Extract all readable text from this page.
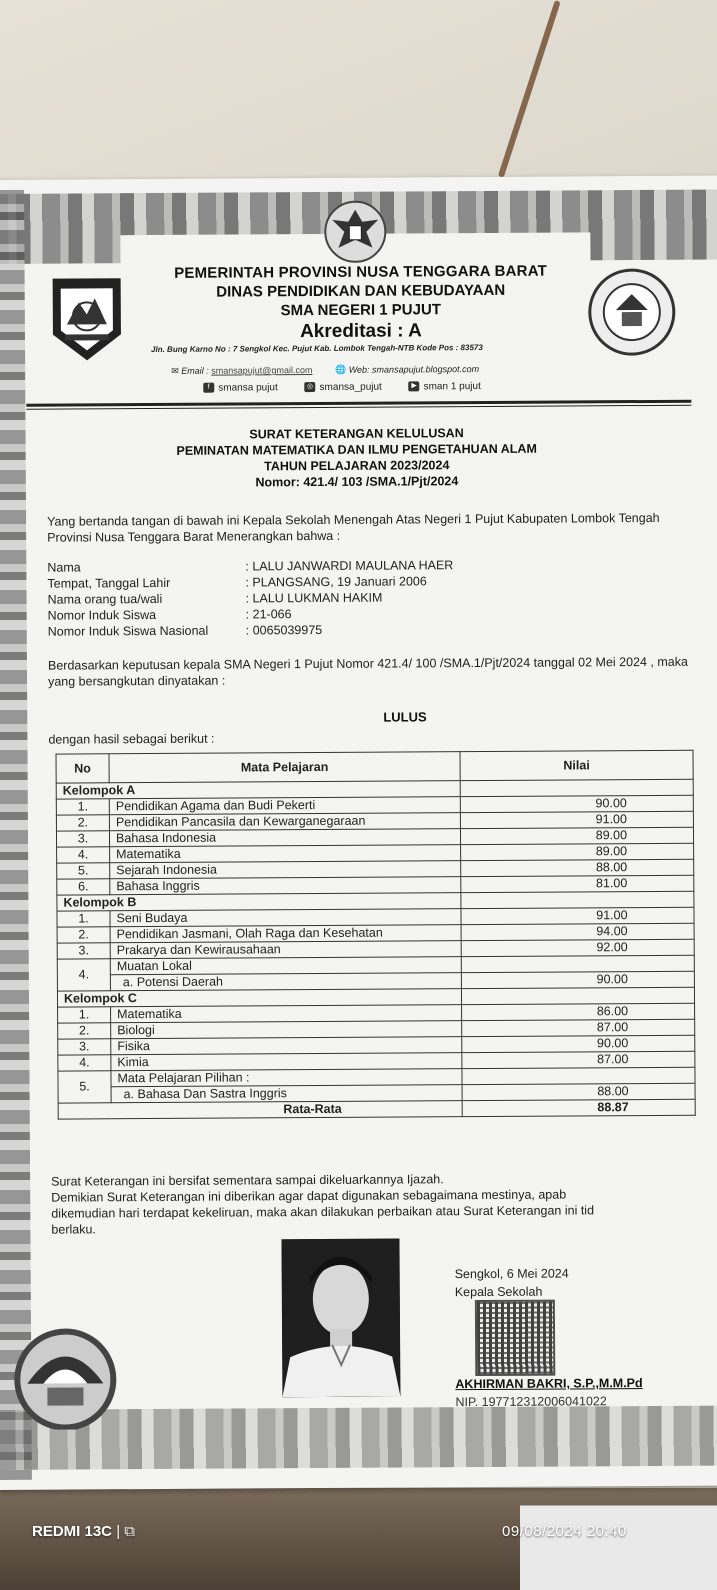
PEMERINTAH PROVINSI NUSA TENGGARA BARAT
DINAS PENDIDIKAN DAN KEBUDAYAAN
SMA NEGERI 1 PUJUT
Akreditasi : A
Jln. Bung Karno No : 7 Sengkol Kec. Pujut Kab. Lombok Tengah-NTB Kode Pos : 83573
✉ Email : smansapujut@gmail.com 🌐 Web: smansapujut.blogspot.com
f smansa pujut	◎ smansa_pujut	▶ sman 1 pujut
SURAT KETERANGAN KELULUSAN
PEMINATAN MATEMATIKA DAN ILMU PENGETAHUAN ALAM
TAHUN PELAJARAN 2023/2024
Nomor: 421.4/ 103 /SMA.1/Pjt/2024
Yang bertanda tangan di bawah ini Kepala Sekolah Menengah Atas Negeri 1 Pujut Kabupaten Lombok Tengah Provinsi Nusa Tenggara Barat Menerangkan bahwa :
Nama	: LALU JANWARDI MAULANA HAER
Tempat, Tanggal Lahir	: PLANGSANG, 19 Januari 2006
Nama orang tua/wali	: LALU LUKMAN HAKIM
Nomor Induk Siswa	: 21-066
Nomor Induk Siswa Nasional	: 0065039975
Berdasarkan keputusan kepala SMA Negeri 1 Pujut Nomor 421.4/ 100 /SMA.1/Pjt/2024 tanggal 02 Mei 2024 , maka yang bersangkutan dinyatakan :
LULUS
dengan hasil sebagai berikut :
No	Mata Pelajaran	Nilai
Kelompok A		
1.	Pendidikan Agama dan Budi Pekerti	90.00
2.	Pendidikan Pancasila dan Kewarganegaraan	91.00
3.	Bahasa Indonesia	89.00
4.	Matematika	89.00
5.	Sejarah Indonesia	88.00
6.	Bahasa Inggris	81.00
Kelompok B		
1.	Seni Budaya	91.00
2.	Pendidikan Jasmani, Olah Raga dan Kesehatan	94.00
3.	Prakarya dan Kewirausahaan	92.00
4.	Muatan Lokal	
	a. Potensi Daerah	90.00
Kelompok C		
1.	Matematika	86.00
2.	Biologi	87.00
3.	Fisika	90.00
4.	Kimia	87.00
5.	Mata Pelajaran Pilihan :	
	a. Bahasa Dan Sastra Inggris	88.00
Rata-Rata		88.87

Surat Keterangan ini bersifat sementara sampai dikeluarkannya Ijazah.

Demikian Surat Keterangan ini diberikan agar dapat digunakan sebagaimana mestinya, apab

dikemudian hari terdapat kekeliruan, maka akan dilakukan perbaikan atau Surat Keterangan ini tid

berlaku.

Sengkol, 6 Mei 2024
Kepala Sekolah
AKHIRMAN BAKRI, S.P.,M.M.Pd
NIP. 197712312006041022
REDMI 13C | ⧉	09/08/2024 20:40
